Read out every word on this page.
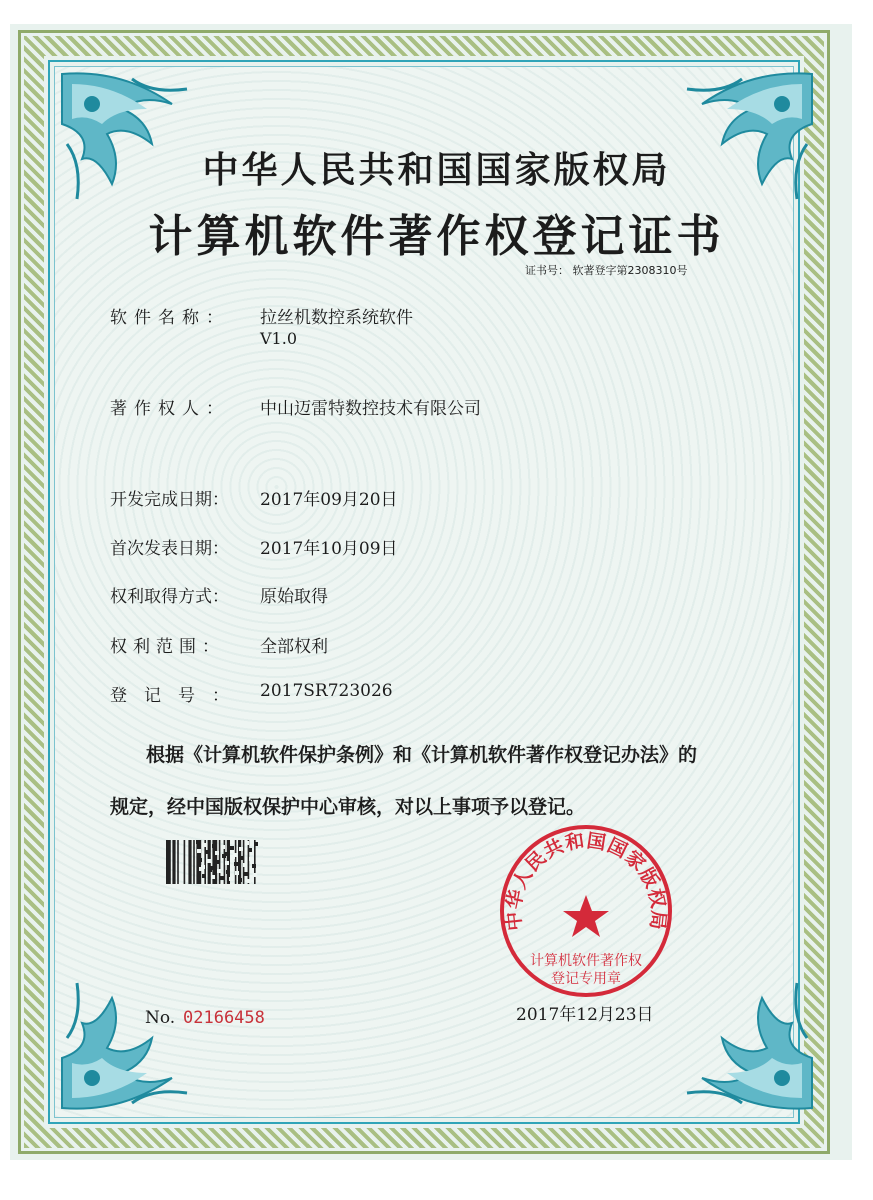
中华人民共和国国家版权局
计算机软件著作权登记证书
证书号： 软著登字第2308310号
软件名称： 拉丝机数控系统软件
V1.0
著作权人： 中山迈雷特数控技术有限公司
开发完成日期： 2017年09月20日
首次发表日期： 2017年10月09日
权利取得方式： 原始取得
权利范围： 全部权利
登记号： 2017SR723026
根据《计算机软件保护条例》和《计算机软件著作权登记办法》的
规定，经中国版权保护中心审核，对以上事项予以登记。
No. 02166458	2017年12月23日
中华人民共和国国家版权局
计算机软件著作权
登记专用章
